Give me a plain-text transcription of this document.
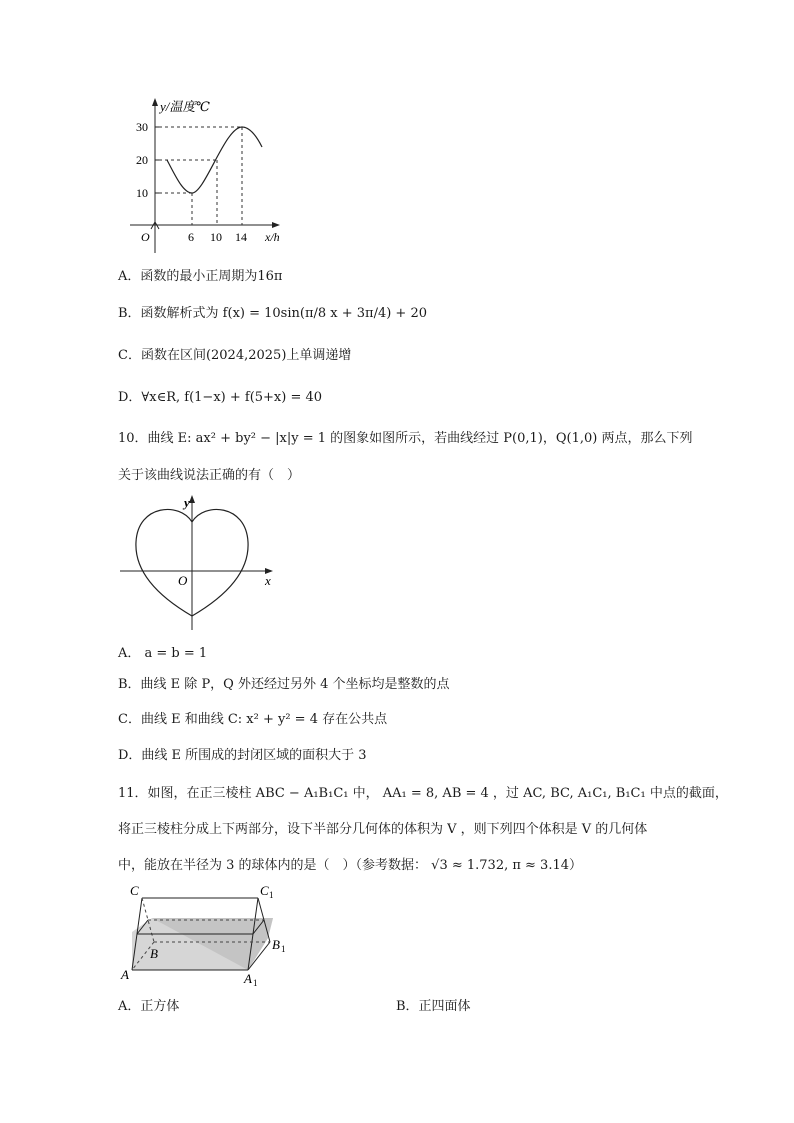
y/温度℃
30
20
10
O	6 10 14 x/h
A．函数的最小正周期为16π
B．函数解析式为 f(x) = 10sin(π/8 x + 3π/4) + 20
C．函数在区间(2024,2025)上单调递增
D．∀x∈R, f(1−x) + f(5+x) = 40
10．曲线 E: ax² + by² − |x|y = 1 的图象如图所示，若曲线经过 P(0,1)，Q(1,0) 两点，那么下列
关于该曲线说法正确的有（　）
y
O	x
A． a = b = 1
B．曲线 E 除 P，Q 外还经过另外 4 个坐标均是整数的点
C．曲线 E 和曲线 C: x² + y² = 4 存在公共点
D．曲线 E 所围成的封闭区域的面积大于 3
11．如图，在正三棱柱 ABC − A₁B₁C₁ 中， AA₁ = 8, AB = 4 ，过 AC, BC, A₁C₁, B₁C₁ 中点的截面，
将正三棱柱分成上下两部分，设下半部分几何体的体积为 V ，则下列四个体积是 V 的几何体
中，能放在半径为 3 的球体内的是（　）（参考数据： √3 ≈ 1.732, π ≈ 3.14）
C	C 1
B
B 1
A	A 1
A．正方体	B．正四面体
